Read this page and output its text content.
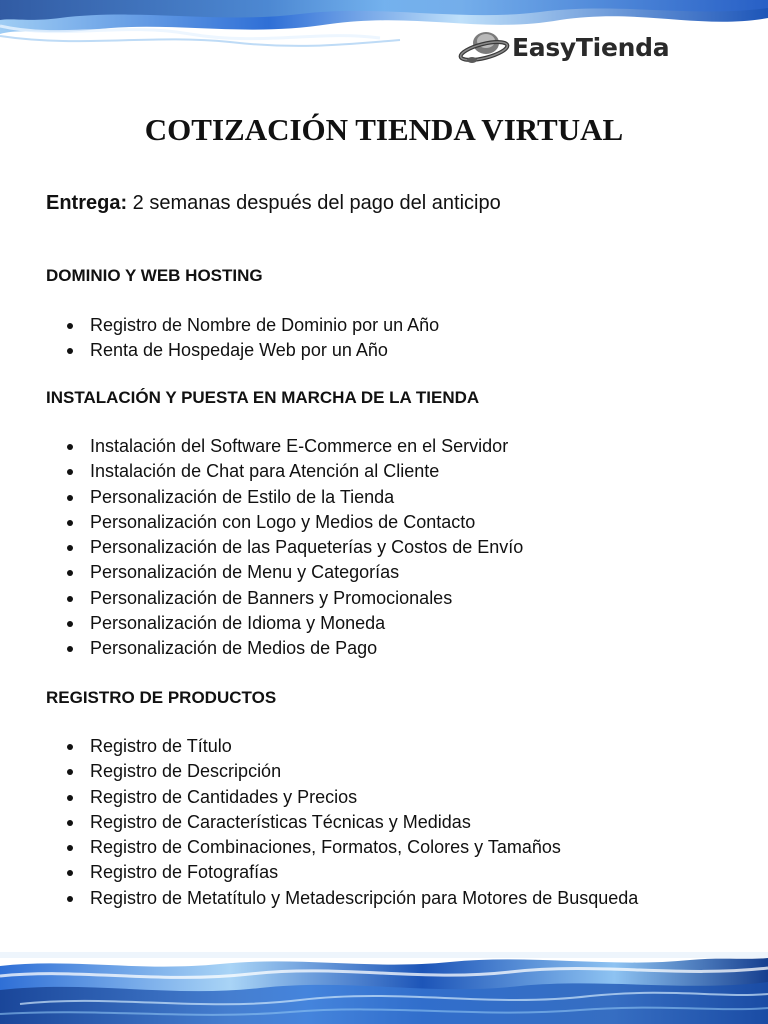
EasyTienda
COTIZACIÓN TIENDA VIRTUAL

Entrega: 2 semanas después del pago del anticipo

DOMINIO Y WEB HOSTING
Registro de Nombre de Dominio por un Año
Renta de Hospedaje Web por un Año
INSTALACIÓN Y PUESTA EN MARCHA DE LA TIENDA
Instalación del Software E-Commerce en el Servidor
Instalación de Chat para Atención al Cliente
Personalización de Estilo de la Tienda
Personalización con Logo y Medios de Contacto
Personalización de las Paqueterías y Costos de Envío
Personalización de Menu y Categorías
Personalización de Banners y Promocionales
Personalización de Idioma y Moneda
Personalización de Medios de Pago
REGISTRO DE PRODUCTOS
Registro de Título
Registro de Descripción
Registro de Cantidades y Precios
Registro de Características Técnicas y Medidas
Registro de Combinaciones, Formatos, Colores y Tamaños
Registro de Fotografías
Registro de Metatítulo y Metadescripción para Motores de Busqueda
